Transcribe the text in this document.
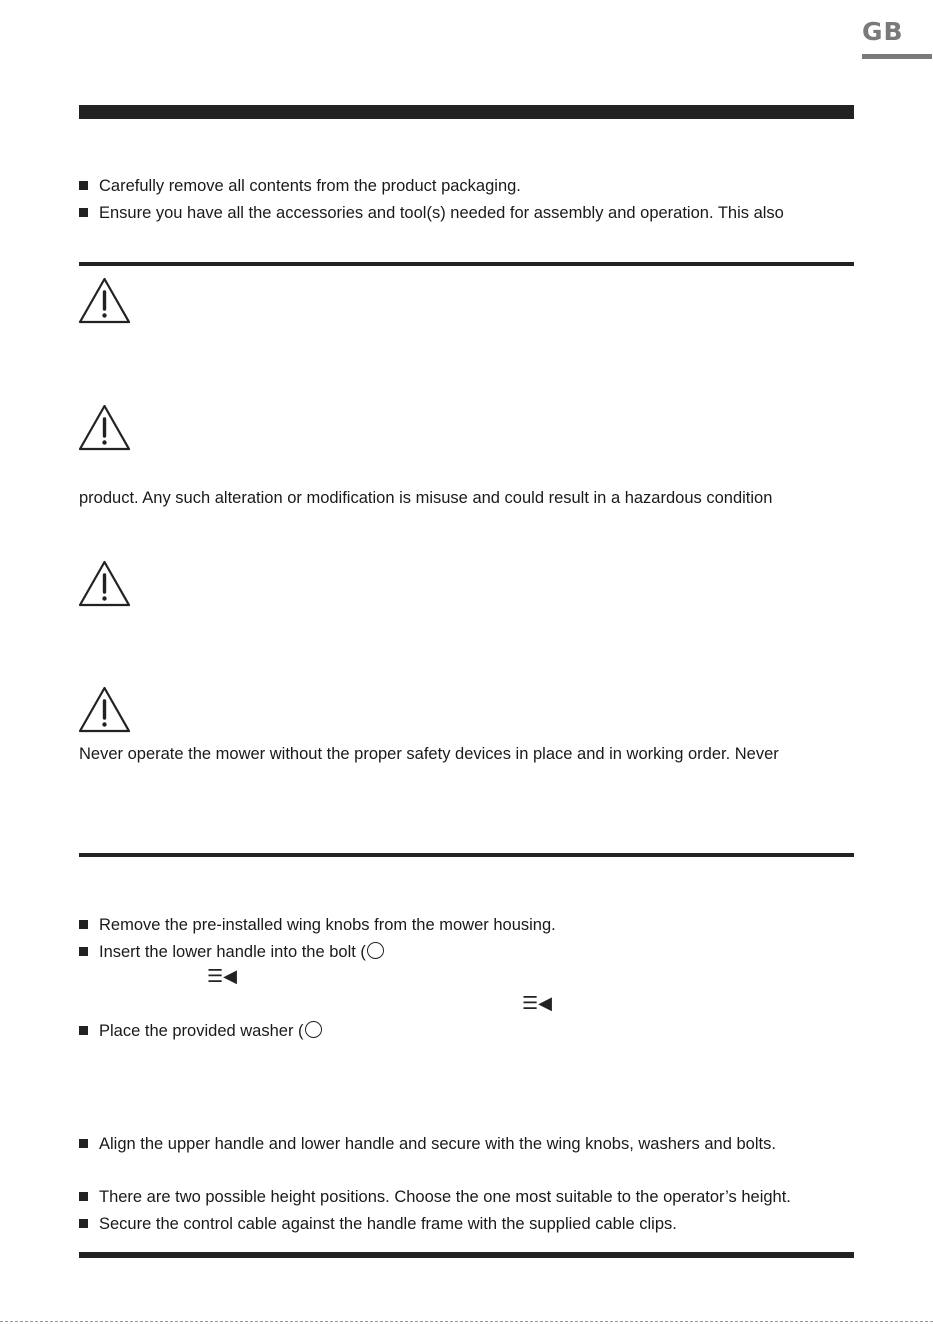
GB
Carefully remove all contents from the product packaging.
Ensure you have all the accessories and tool(s) needed for assembly and operation. This also
product. Any such alteration or modification is misuse and could result in a hazardous condition
Never operate the mower without the proper safety devices in place and in working order. Never
Remove the pre-installed wing knobs from the mower housing.
Insert the lower handle into the bolt (
☰◀
☰◀
Place the provided washer (
Align the upper handle and lower handle and secure with the wing knobs, washers and bolts.
There are two possible height positions. Choose the one most suitable to the operator’s height.
Secure the control cable against the handle frame with the supplied cable clips.
